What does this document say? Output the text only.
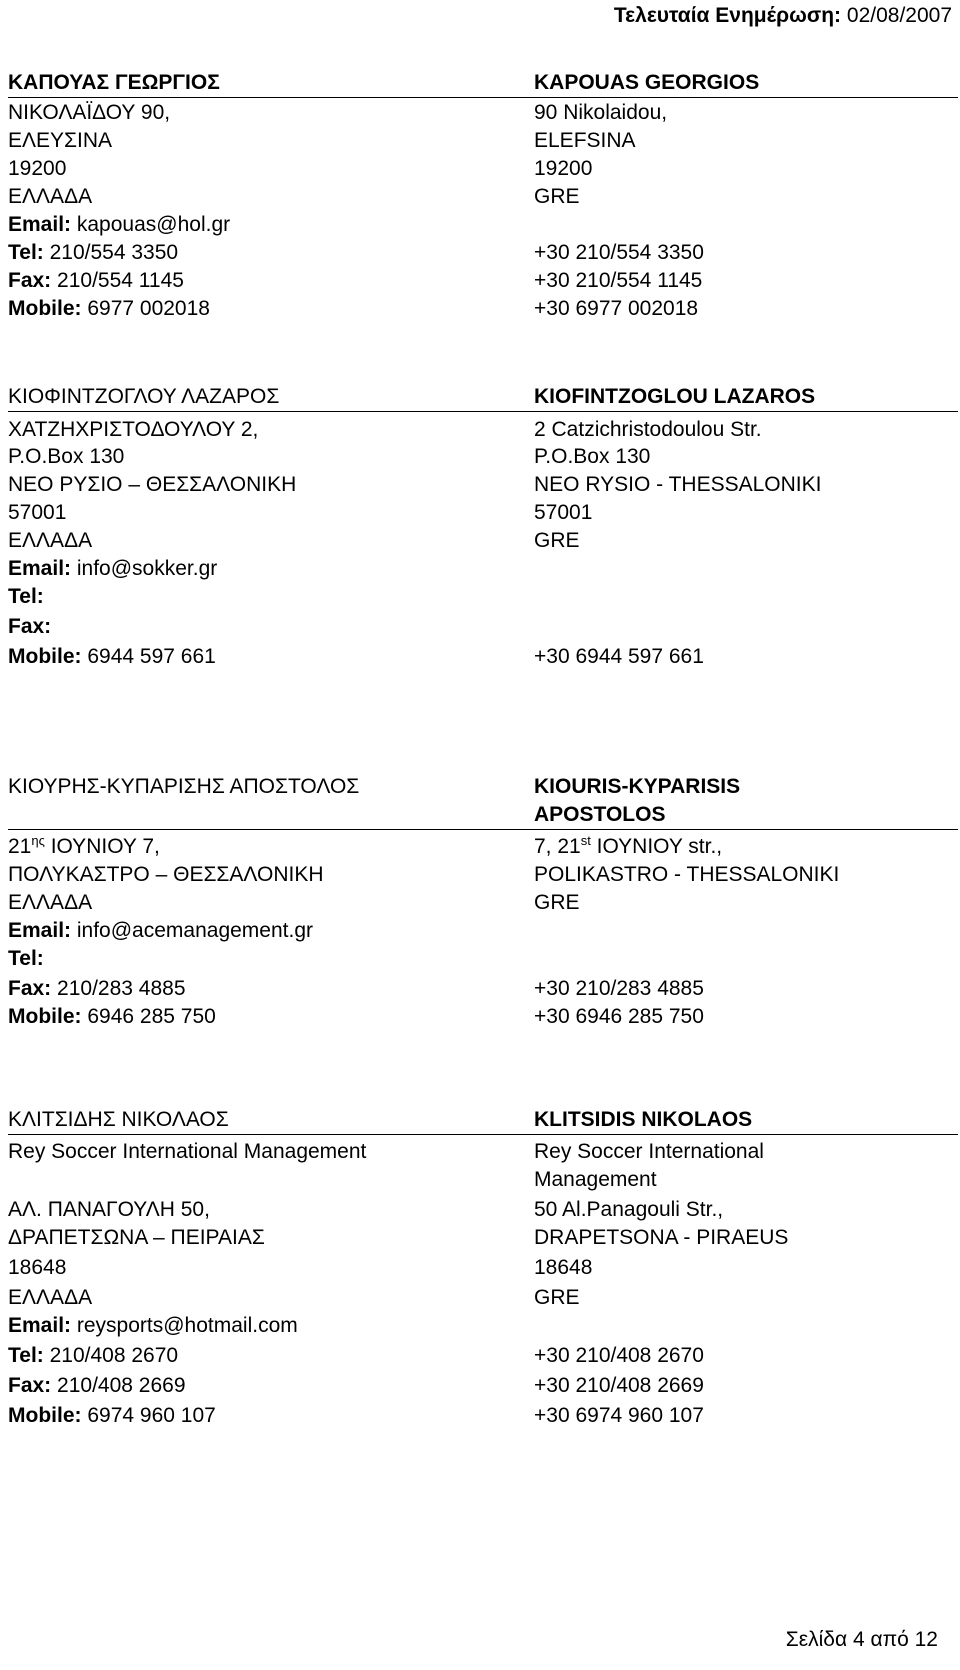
Τελευταία Ενημέρωση: 02/08/2007
ΚΑΠΟΥΑΣ ΓΕΩΡΓΙΟΣ	KAPOUAS GEORGIOS
ΝΙΚΟΛΑΪΔΟΥ 90,	90 Nikolaidou,
ΕΛΕΥΣΙΝΑ	ELEFSINA
19200	19200
ΕΛΛΑΔΑ	GRE
Email: kapouas@hol.gr
Tel: 210/554 3350	+30 210/554 3350
Fax: 210/554 1145	+30 210/554 1145
Mobile: 6977 002018	+30 6977 002018
ΚΙΟΦΙΝΤΖΟΓΛΟΥ ΛΑΖΑΡΟΣ	KIOFINTZOGLOU LAZAROS
ΧΑΤΖΗΧΡΙΣΤΟΔΟΥΛΟΥ 2,	2 Catzichristodoulou Str.
P.O.Box 130	P.O.Box 130
ΝΕΟ ΡΥΣΙΟ – ΘΕΣΣΑΛΟΝΙΚΗ	NEO RYSIO - THESSALONIKI
57001	57001
ΕΛΛΑΔΑ	GRE
Email: info@sokker.gr
Tel:
Fax:
Mobile: 6944 597 661	+30 6944 597 661
ΚΙΟΥΡΗΣ-ΚΥΠΑΡΙΣΗΣ ΑΠΟΣΤΟΛΟΣ	KIOURIS-KYPARISIS
APOSTOLOS
$21^{\eta\varsigma}$ ΙΟΥΝΙΟΥ 7,	7, 21st ΙΟΥΝΙΟΥ str.,
ΠΟΛΥΚΑΣΤΡΟ – ΘΕΣΣΑΛΟΝΙΚΗ	POLIKASTRO - THESSALONIKI
ΕΛΛΑΔΑ	GRE
Email: info@acemanagement.gr
Tel:
Fax: 210/283 4885	+30 210/283 4885
Mobile: 6946 285 750	+30 6946 285 750
ΚΛΙΤΣΙΔΗΣ ΝΙΚΟΛΑΟΣ	KLITSIDIS NIKOLAOS
Rey Soccer International Management	Rey Soccer International
Management
ΑΛ. ΠΑΝΑΓΟΥΛΗ 50,	50 Al.Panagouli Str.,
ΔΡΑΠΕΤΣΩΝΑ – ΠΕΙΡΑΙΑΣ	DRAPETSONA - PIRAEUS
18648	18648
ΕΛΛΑΔΑ	GRE
Email: reysports@hotmail.com
Tel: 210/408 2670	+30 210/408 2670
Fax: 210/408 2669	+30 210/408 2669
Mobile: 6974 960 107	+30 6974 960 107
Σελίδα 4 από 12
